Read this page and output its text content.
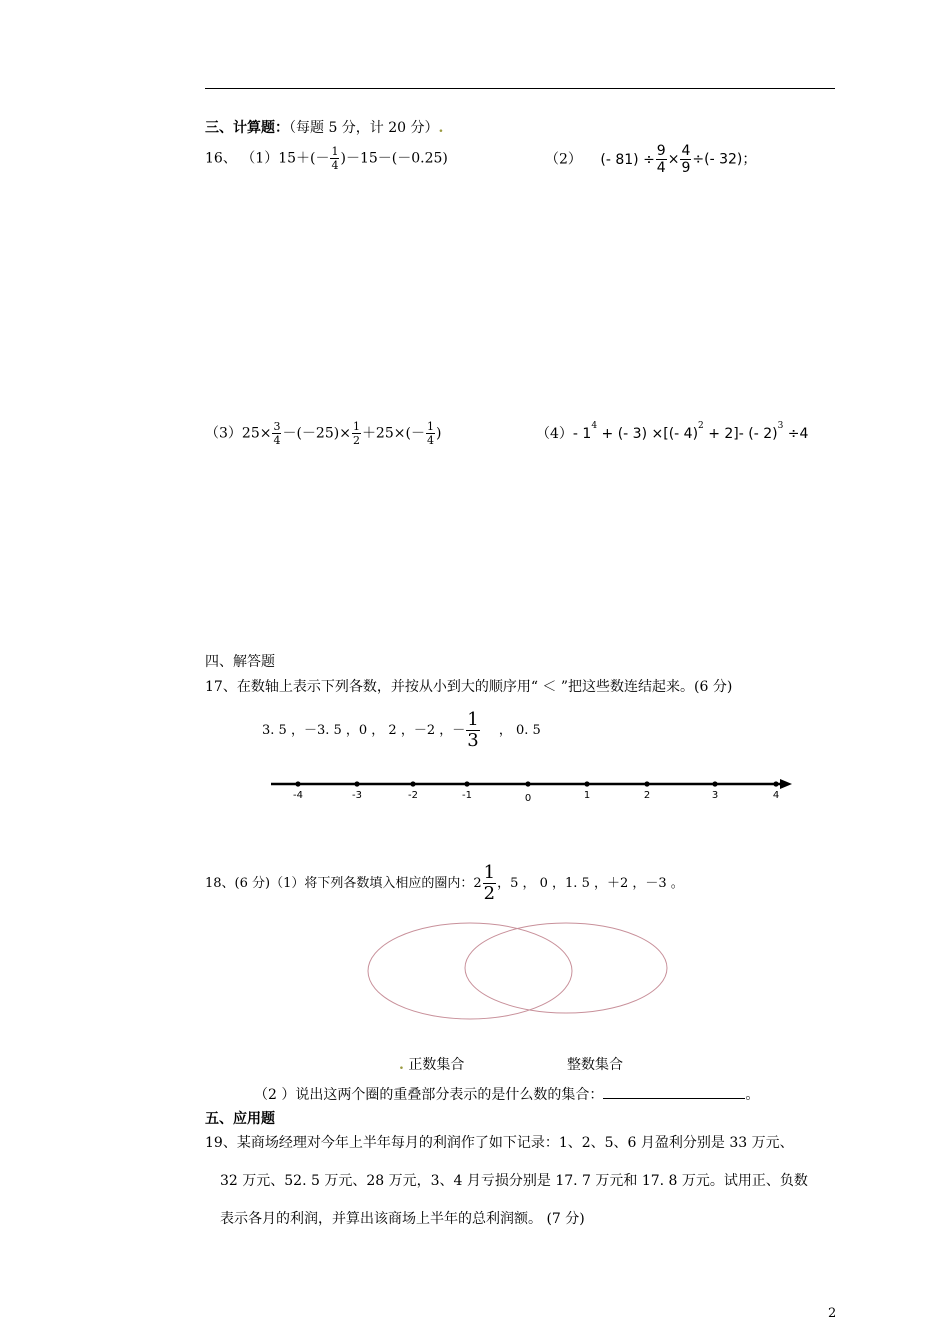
三、计算题：（每题 5 分，计 20 分）.
16、 $(1)15+(- \frac{1}{4} )-15-(-0.25)$	（2） (- $81) \div \frac{9}{4} \times \frac{4}{9}$ ÷(- 32)；
$(3)25\times \frac{3}{4} -(-25)\times \frac{1}{2} +25\times(- \frac{1}{4}$ )	（4）- $1^4$ + (- 3) ×[(- 4)$^2$ + 2]- (- 2)$^3$ ÷4
四、解答题
17、在数轴上表示下列各数，并按从小到大的顺序用“ ＜ ”把这些数连结起来。(6 分)
3. 5 ，－3. 5 ，0 ， 2 ，－2 ，－ $\frac{1}{3}$ ， 0. 5
-4	-3	-2	-1	0	1	2	3	4
18、(6 分)（1）将下列各数填入相应的圈内：$2 \frac{1}{2}$ ，5 ， 0 ，1. 5 ，＋2 ，－3 。
. 正数集合	整数集合
（2 ）说出这两个圈的重叠部分表示的是什么数的集合：	。
五、应用题
19、某商场经理对今年上半年每月的利润作了如下记录：1、2、5、6 月盈利分别是 33 万元、
32 万元、52. 5 万元、28 万元，3、4 月亏损分别是 17. 7 万元和 17. 8 万元。试用正、负数
表示各月的利润，并算出该商场上半年的总利润额。 (7 分)
2
